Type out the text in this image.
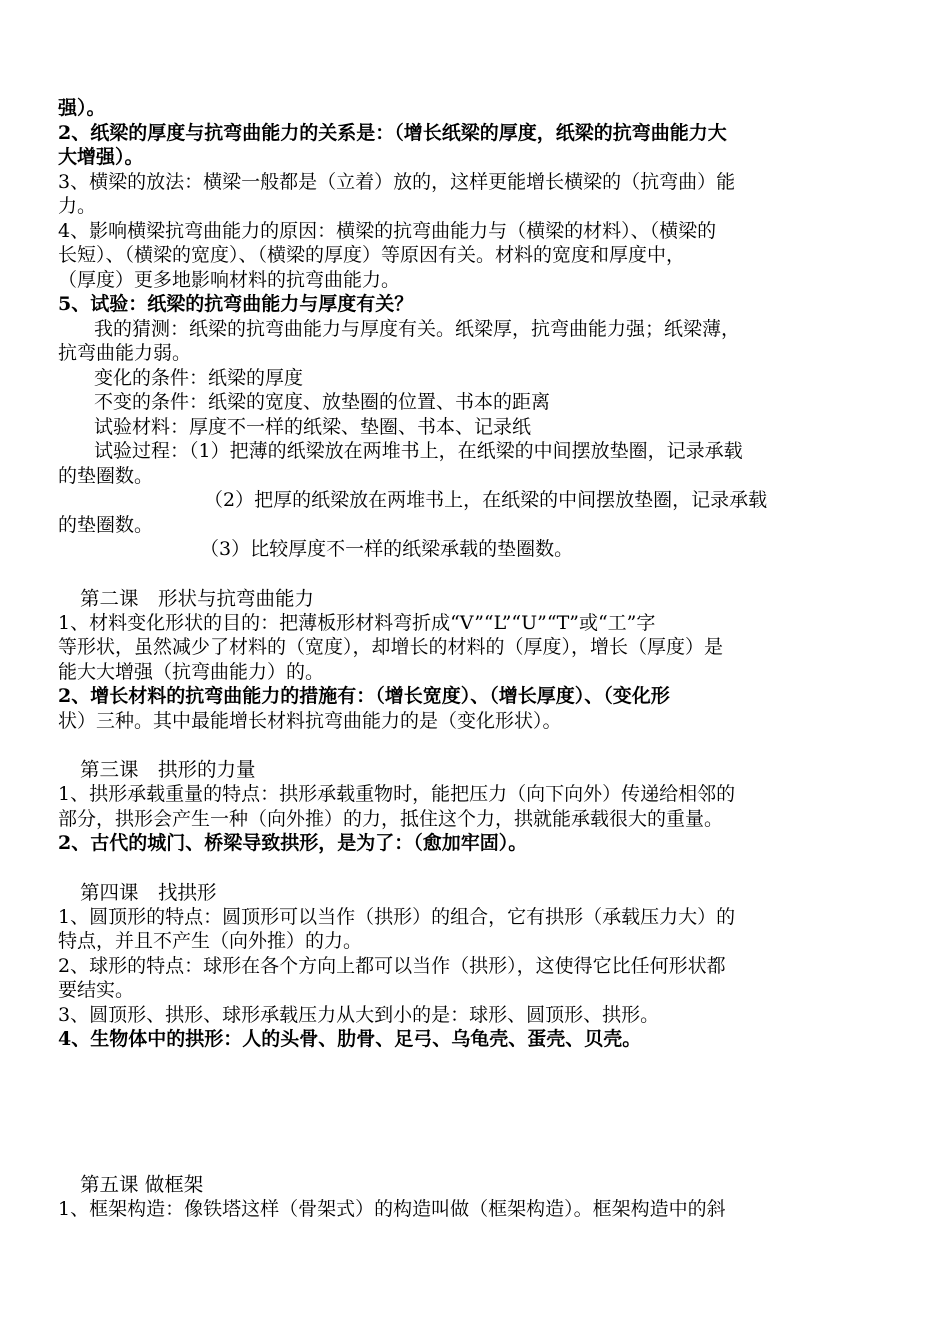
强）。

2、纸梁的厚度与抗弯曲能力的关系是：（增长纸梁的厚度，纸梁的抗弯曲能力大

大增强）。

3、横梁的放法：横梁一般都是（立着）放的，这样更能增长横梁的（抗弯曲）能

力。

4、影响横梁抗弯曲能力的原因：横梁的抗弯曲能力与（横梁的材料）、（横梁的

长短）、（横梁的宽度）、（横梁的厚度）等原因有关。材料的宽度和厚度中，

（厚度）更多地影响材料的抗弯曲能力。

5、试验：纸梁的抗弯曲能力与厚度有关？

我的猜测：纸梁的抗弯曲能力与厚度有关。纸梁厚，抗弯曲能力强；纸梁薄，

抗弯曲能力弱。

变化的条件：纸梁的厚度

不变的条件：纸梁的宽度、放垫圈的位置、书本的距离

试验材料：厚度不一样的纸梁、垫圈、书本、记录纸

试验过程：（1）把薄的纸梁放在两堆书上，在纸梁的中间摆放垫圈，记录承载

的垫圈数。

（2）把厚的纸梁放在两堆书上，在纸梁的中间摆放垫圈，记录承载

的垫圈数。

（3）比较厚度不一样的纸梁承载的垫圈数。

第二课　形状与抗弯曲能力

1、材料变化形状的目的：把薄板形材料弯折成“V”“L”“U”“T”或“工”字

等形状，虽然减少了材料的（宽度），却增长的材料的（厚度），增长（厚度）是

能大大增强（抗弯曲能力）的。

2、增长材料的抗弯曲能力的措施有：（增长宽度）、（增长厚度）、（变化形

状）三种。其中最能增长材料抗弯曲能力的是（变化形状）。

第三课　拱形的力量

1、拱形承载重量的特点：拱形承载重物时，能把压力（向下向外）传递给相邻的

部分，拱形会产生一种（向外推）的力，抵住这个力，拱就能承载很大的重量。

2、古代的城门、桥梁导致拱形，是为了：（愈加牢固）。

第四课　找拱形

1、圆顶形的特点：圆顶形可以当作（拱形）的组合，它有拱形（承载压力大）的

特点，并且不产生（向外推）的力。

2、球形的特点：球形在各个方向上都可以当作（拱形），这使得它比任何形状都

要结实。

3、圆顶形、拱形、球形承载压力从大到小的是：球形、圆顶形、拱形。

4、生物体中的拱形：人的头骨、肋骨、足弓、乌龟壳、蛋壳、贝壳。

第五课 做框架

1、框架构造：像铁塔这样（骨架式）的构造叫做（框架构造）。框架构造中的斜
